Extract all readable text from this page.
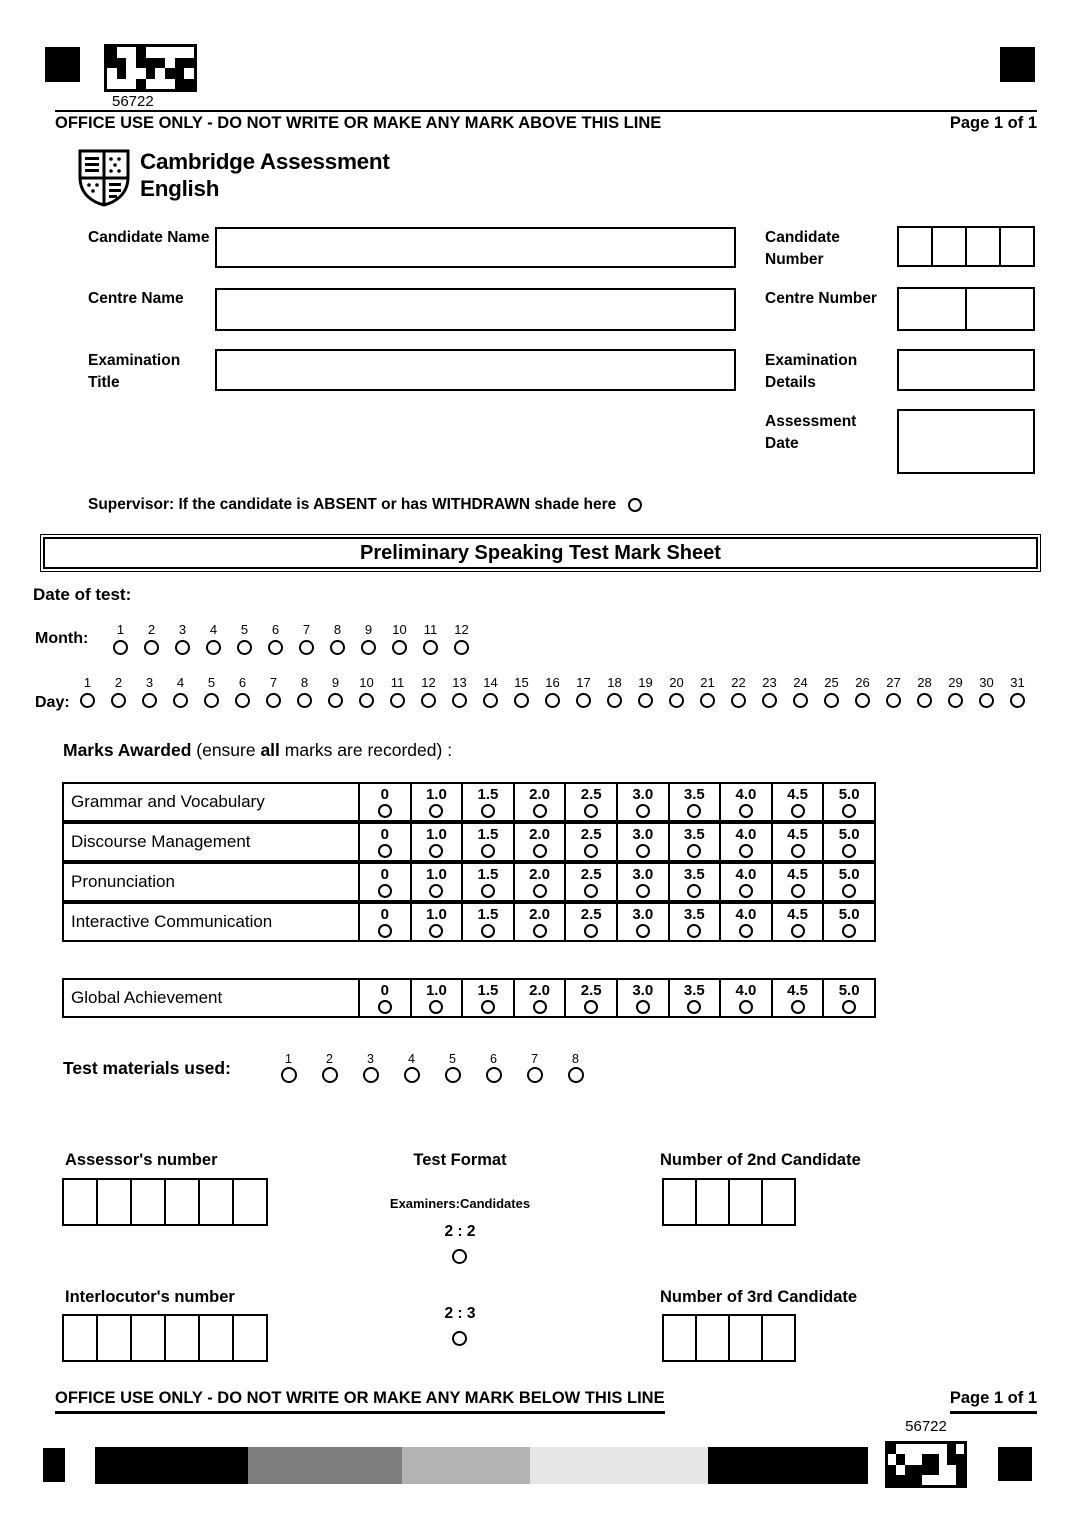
56722
OFFICE USE ONLY - DO NOT WRITE OR MAKE ANY MARK ABOVE THIS LINE	Page 1 of 1
Cambridge Assessment
English
Candidate Name
Centre Name
Examination Title
Candidate Number
Centre Number
Examination Details
Assessment Date
Supervisor: If the candidate is ABSENT or has WITHDRAWN shade here
Preliminary Speaking Test Mark Sheet
Date of test:
Month:
1 2 3 4 5 6 7 8 9 10 11 12
Day:
1 2 3 4 5 6 7 8 9 10 11 12 13 14 15 16 17 18 19 20 21 22 23 24 25 26 27 28 29 30 31
Marks Awarded (ensure all marks are recorded) :
Grammar and Vocabulary	0 1.0 1.5 2.0 2.5 3.0 3.5 4.0 4.5 5.0
Discourse Management	0 1.0 1.5 2.0 2.5 3.0 3.5 4.0 4.5 5.0
Pronunciation	0 1.0 1.5 2.0 2.5 3.0 3.5 4.0 4.5 5.0
Interactive Communication	0 1.0 1.5 2.0 2.5 3.0 3.5 4.0 4.5 5.0
Global Achievement	0 1.0 1.5 2.0 2.5 3.0 3.5 4.0 4.5 5.0
Test materials used:	1	2	3	4	5	6	7	8
Assessor's number	Test Format
Examiners:Candidates
2 : 2
Number of 2nd Candidate
Interlocutor's number
2 : 3
Number of 3rd Candidate
OFFICE USE ONLY - DO NOT WRITE OR MAKE ANY MARK BELOW THIS LINE	Page 1 of 1
56722
